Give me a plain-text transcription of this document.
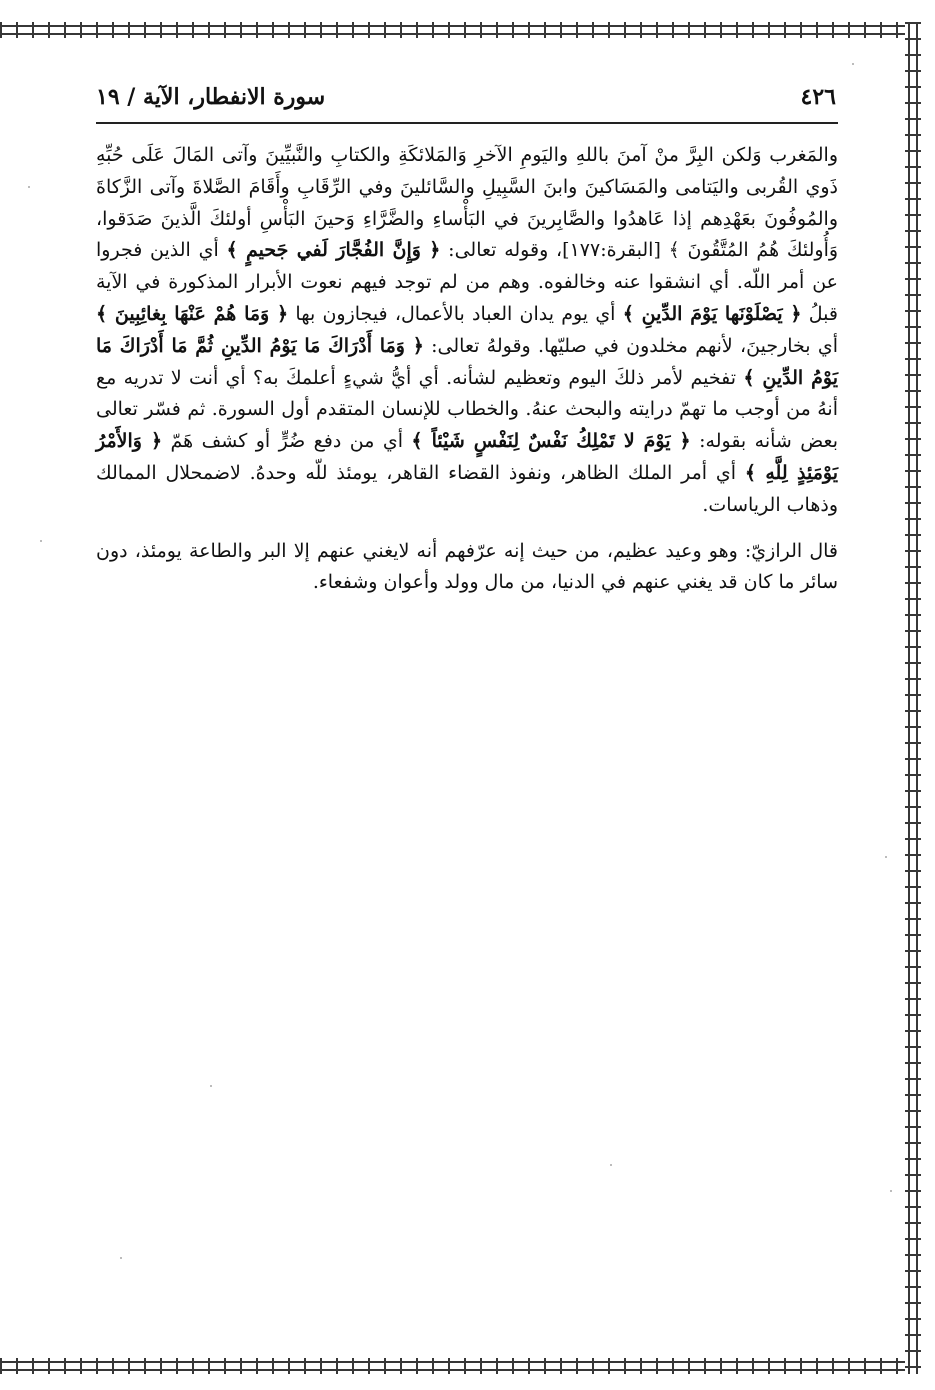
٤٢٦
سورة الانفطار، الآية / ١٩

والمَغرب وَلكن البِرَّ منْ آمنَ باللهِ واليَومِ الآخرِ وَالمَلائكَةِ والكتابِ والنَّبيِّينَ وآتى المَالَ عَلَى حُبِّهِ ذَوي القُربى واليَتامى والمَسَاكينَ وابنَ السَّبِيلِ والسَّائلينَ وفي الرِّقَابِ وأَقَامَ الصَّلاةَ وآتى الزَّكاةَ والمُوفُونَ بعَهْدِهم إذا عَاهدُوا والصَّابِرينَ في البَأْساءِ والضَّرَّاءِ وَحينَ البَأْسِ أولئكَ الَّذينَ صَدَقوا، وَأُولئكَ هُمُ المُتَّقُونَ ﴾ [البقرة:١٧٧]، وقوله تعالى: ﴿ وَإِنَّ الفُجَّارَ لَفي جَحيمٍ ﴾ أي الذين فجروا عن أمر اللّه. أي انشقوا عنه وخالفوه. وهم من لم توجد فيهم نعوت الأبرار المذكورة في الآية قبلُ ﴿ يَصْلَوْنَها يَوْمَ الدِّينِ ﴾ أي يوم يدان العباد بالأعمال، فيجازون بها ﴿ وَمَا هُمْ عَنْهَا بِغائِبِينَ ﴾ أي بخارجينَ، لأنهم مخلدون في صليّها. وقولهُ تعالى: ﴿ وَمَا أَدْرَاكَ مَا يَوْمُ الدِّينِ ثُمَّ مَا أَدْرَاكَ مَا يَوْمُ الدِّينِ ﴾ تفخيم لأمر ذلكَ اليوم وتعظيم لشأنه. أي أيُّ شيءٍ أعلمكَ به؟ أي أنت لا تدريه مع أنهُ من أوجب ما تهمّ درايته والبحث عنهُ. والخطاب للإنسان المتقدم أول السورة. ثم فسّر تعالى بعض شأنه بقوله: ﴿ يَوْمَ لا تَمْلِكُ نَفْسٌ لِنَفْسٍ شَيْئاً ﴾ أي من دفع ضُرٍّ أو كشف هَمّ ﴿ وَالأَمْرُ يَوْمَئِذٍ لِلَّهِ ﴾ أي أمر الملك الظاهر، ونفوذ القضاء القاهر، يومئذ للّه وحدهُ. لاضمحلال الممالك وذهاب الرياسات.

قال الرازيّ: وهو وعيد عظيم، من حيث إنه عرّفهم أنه لايغني عنهم إلا البر والطاعة يومئذ، دون سائر ما كان قد يغني عنهم في الدنيا، من مال وولد وأعوان وشفعاء.
